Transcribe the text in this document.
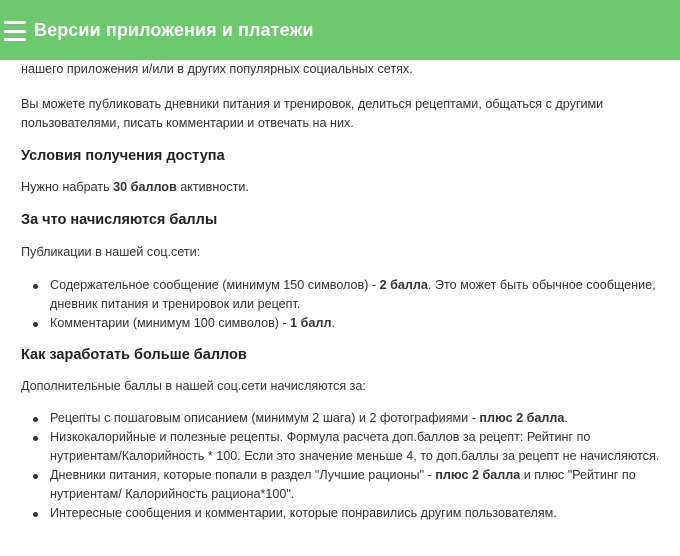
Версии приложения и платежи

нашего приложения и/или в других популярных социальных сетях.

Вы можете публиковать дневники питания и тренировок, делиться рецептами, общаться с другими пользователями, писать комментарии и отвечать на них.

Условия получения доступа

Нужно набрать 30 баллов активности.

За что начисляются баллы

Публикации в нашей соц.сети:

Содержательное сообщение (минимум 150 символов) - 2 балла. Это может быть обычное сообщение, дневник питания и тренировок или рецепт.
Комментарии (минимум 100 символов) - 1 балл.
Как заработать больше баллов

Дополнительные баллы в нашей соц.сети начисляются за:

Рецепты с пошаговым описанием (минимум 2 шага) и 2 фотографиями - плюс 2 балла.
Низкокалорийные и полезные рецепты. Формула расчета доп.баллов за рецепт: Рейтинг по нутриентам/Калорийность * 100. Если это значение меньше 4, то доп.баллы за рецепт не начисляются.
Дневники питания, которые попали в раздел "Лучшие рационы" - плюс 2 балла и плюс "Рейтинг по нутриентам/ Калорийность рациона*100".
Интересные сообщения и комментарии, которые понравились другим пользователям.
